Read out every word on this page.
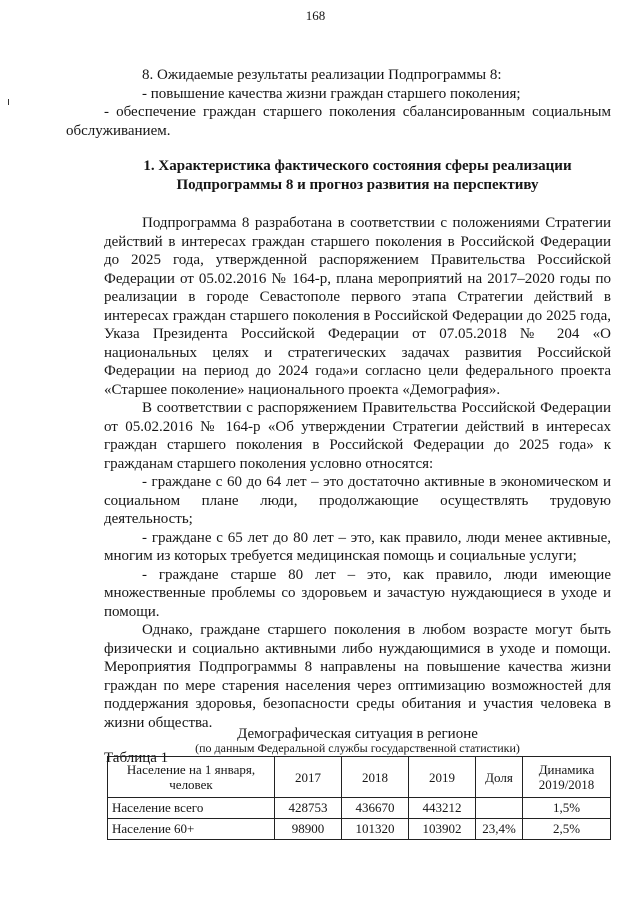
168

8. Ожидаемые результаты реализации Подпрограммы 8:

- повышение качества жизни граждан старшего поколения;

- обеспечение граждан старшего поколения сбалансированным социальным обслуживанием.

1. Характеристика фактического состояния сферы реализации Подпрограммы 8 и прогноз развития на перспективу

Подпрограмма 8 разработана в соответствии с положениями Стратегии действий в интересах граждан старшего поколения в Российской Федерации до 2025 года, утвержденной распоряжением Правительства Российской Федерации от 05.02.2016 № 164-р, плана мероприятий на 2017–2020 годы по реализации в городе Севастополе первого этапа Стратегии действий в интересах граждан старшего поколения в Российской Федерации до 2025 года, Указа Президента Российской Федерации от 07.05.2018 № 204 «О национальных целях и стратегических задачах развития Российской Федерации на период до 2024 года»и согласно цели федерального проекта «Старшее поколение» национального проекта «Демография».

В соответствии с распоряжением Правительства Российской Федерации от 05.02.2016 № 164-р «Об утверждении Стратегии действий в интересах граждан старшего поколения в Российской Федерации до 2025 года» к гражданам старшего поколения условно относятся:

- граждане с 60 до 64 лет – это достаточно активные в экономическом и социальном плане люди, продолжающие осуществлять трудовую деятельность;

- граждане с 65 лет до 80 лет – это, как правило, люди менее активные, многим из которых требуется медицинская помощь и социальные услуги;

- граждане старше 80 лет – это, как правило, люди имеющие множественные проблемы со здоровьем и зачастую нуждающиеся в уходе и помощи.

Однако, граждане старшего поколения в любом возрасте могут быть физически и социально активными либо нуждающимися в уходе и помощи. Мероприятия Подпрограммы 8 направлены на повышение качества жизни граждан по мере старения населения через оптимизацию возможностей для поддержания здоровья, безопасности среды обитания и участия человека в жизни общества.

Таблица 1

Демографическая ситуация в регионе
(по данным Федеральной службы государственной статистики)
Население на 1 января, человек	2017	2018	2019	Доля	Динамика 2019/2018
Население всего	428753	436670	443212		1,5%
Население 60+	98900	101320	103902	23,4%	2,5%
